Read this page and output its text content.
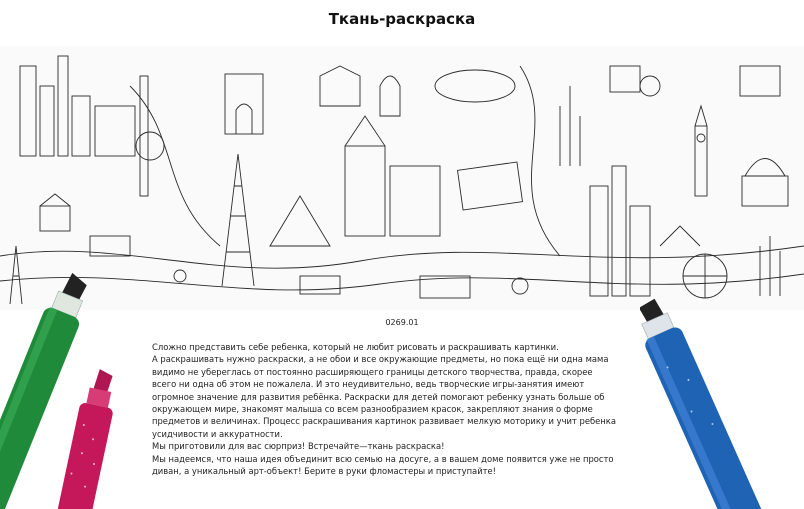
Ткань-раскраска
0269.01

Сложно представить себе ребенка, который не любит рисовать и раскрашивать картинки.

А раскрашивать нужно раскраски, а не обои и все окружающие предметы, но пока ещё ни одна мама

видимо не убереглась от постоянно расширяющего границы детского творчества, правда, скорее

всего ни одна об этом не пожалела. И это неудивительно, ведь творческие игры-занятия имеют

огромное значение для развития ребёнка. Раскраски для детей помогают ребенку узнать больше об

окружающем мире, знакомят малыша со всем разнообразием красок, закрепляют знания о форме

предметов и величинах. Процесс раскрашивания картинок развивает мелкую моторику и учит ребенка

усидчивости и аккуратности.

Мы приготовили для вас сюрприз! Встречайте—ткань раскраска!

Мы надеемся, что наша идея объединит всю семью на досуге, а в вашем доме появится уже не просто

диван, а уникальный арт-объект! Берите в руки фломастеры и приступайте!
